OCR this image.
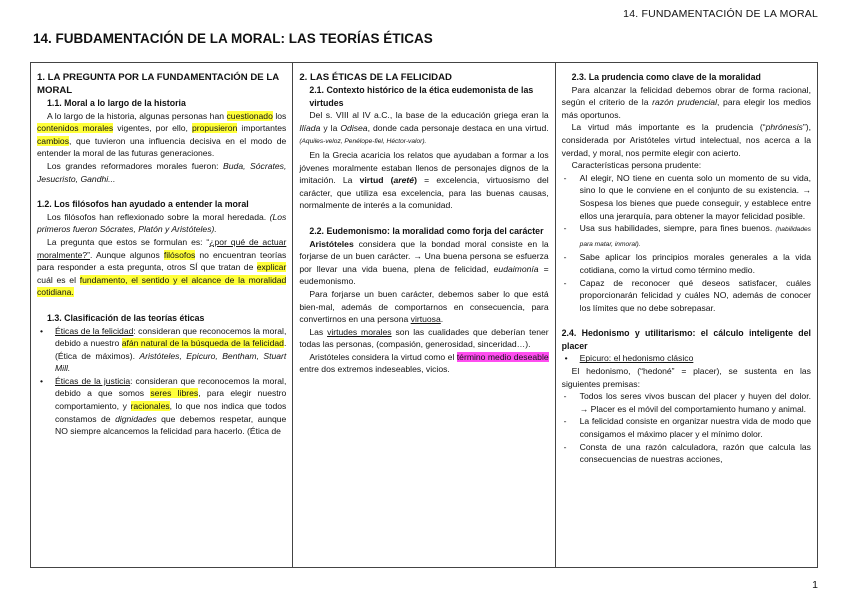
14. FUNDAMENTACIÓN DE LA MORAL
14. FUBDAMENTACIÓN DE LA MORAL: LAS TEORÍAS ÉTICAS

1. LA PREGUNTA POR LA FUNDAMENTACIÓN DE LA MORAL

1.1. Moral a lo largo de la historia

A lo largo de la historia, algunas personas han cuestionado los contenidos morales vigentes, por ello, propusieron importantes cambios, que tuvieron una influencia decisiva en el modo de entender la moral de las futuras generaciones.

Los grandes reformadores morales fueron: Buda, Sócrates, Jesucristo, Gandhi...

1.2. Los filósofos han ayudado a entender la moral

Los filósofos han reflexionado sobre la moral heredada. (Los primeros fueron Sócrates, Platón y Aristóteles).

La pregunta que estos se formulan es: “¿por qué de actuar moralmente?”. Aunque algunos filósofos no encuentran teorías para responder a esta pregunta, otros SÍ que tratan de explicar cuál es el fundamento, el sentido y el alcance de la moralidad cotidiana.

1.3. Clasificación de las teorías éticas

• Éticas de la felicidad: consideran que reconocemos la moral, debido a nuestro afán natural de la búsqueda de la felicidad. (Ética de máximos). Aristóteles, Epicuro, Bentham, Stuart Mill.
• Éticas de la justicia: consideran que reconocemos la moral, debido a que somos seres libres, para elegir nuestro comportamiento, y racionales, lo que nos indica que todos constamos de dignidades que debemos respetar, aunque NO siempre alcancemos la felicidad para hacerlo. (Ética de

2. LAS ÉTICAS DE LA FELICIDAD

2.1. Contexto histórico de la ética eudemonista de las virtudes

Del s. VIII al IV a.C., la base de la educación griega eran la Ilíada y la Odisea, donde cada personaje destaca en una virtud. (Aquiles-veloz, Penélope-fiel, Héctor-valor).

En la Grecia acaricia los relatos que ayudaban a formar a los jóvenes moralmente estaban llenos de personajes dignos de la imitación. La virtud (areté) = excelencia, virtuosismo del carácter, que utiliza esa excelencia, para las buenas causas, normalmente de interés a la comunidad.

2.2. Eudemonismo: la moralidad como forja del carácter

Aristóteles considera que la bondad moral consiste en la forjarse de un buen carácter. → Una buena persona se esfuerza por llevar una vida buena, plena de felicidad, eudaimonía = eudemonismo.

Para forjarse un buen carácter, debemos saber lo que está bien-mal, además de comportarnos en consecuencia, para convertirnos en una persona virtuosa.

Las virtudes morales son las cualidades que deberían tener todas las personas, (compasión, generosidad, sinceridad…).

Aristóteles considera la virtud como el término medio deseable entre dos extremos indeseables, vicios.

2.3. La prudencia como clave de la moralidad

Para alcanzar la felicidad debemos obrar de forma racional, según el criterio de la razón prudencial, para elegir los medios más oportunos.

La virtud más importante es la prudencia (“phrónesis”), considerada por Aristóteles virtud intelectual, nos acerca a la verdad, y moral, nos permite elegir con acierto.

Características persona prudente:

- Al elegir, NO tiene en cuenta solo un momento de su vida, sino lo que le conviene en el conjunto de su existencia. → Sospesa los bienes que puede conseguir, y establece entre ellos una jerarquía, para obtener la mayor felicidad posible.
- Usa sus habilidades, siempre, para fines buenos. (habilidades para matar, inmoral).
- Sabe aplicar los principios morales generales a la vida cotidiana, como la virtud como término medio.
- Capaz de reconocer qué deseos satisfacer, cuáles proporcionarán felicidad y cuáles NO, además de conocer los límites que no debe sobrepasar.

2.4. Hedonismo y utilitarismo: el cálculo inteligente del placer

• Epicuro: el hedonismo clásico

El hedonismo, (“hedoné” = placer), se sustenta en las siguientes premisas:

- Todos los seres vivos buscan del placer y huyen del dolor. → Placer es el móvil del comportamiento humano y animal.
- La felicidad consiste en organizar nuestra vida de modo que consigamos el máximo placer y el mínimo dolor.
- Consta de una razón calculadora, razón que calcula las consecuencias de nuestras acciones,
1
